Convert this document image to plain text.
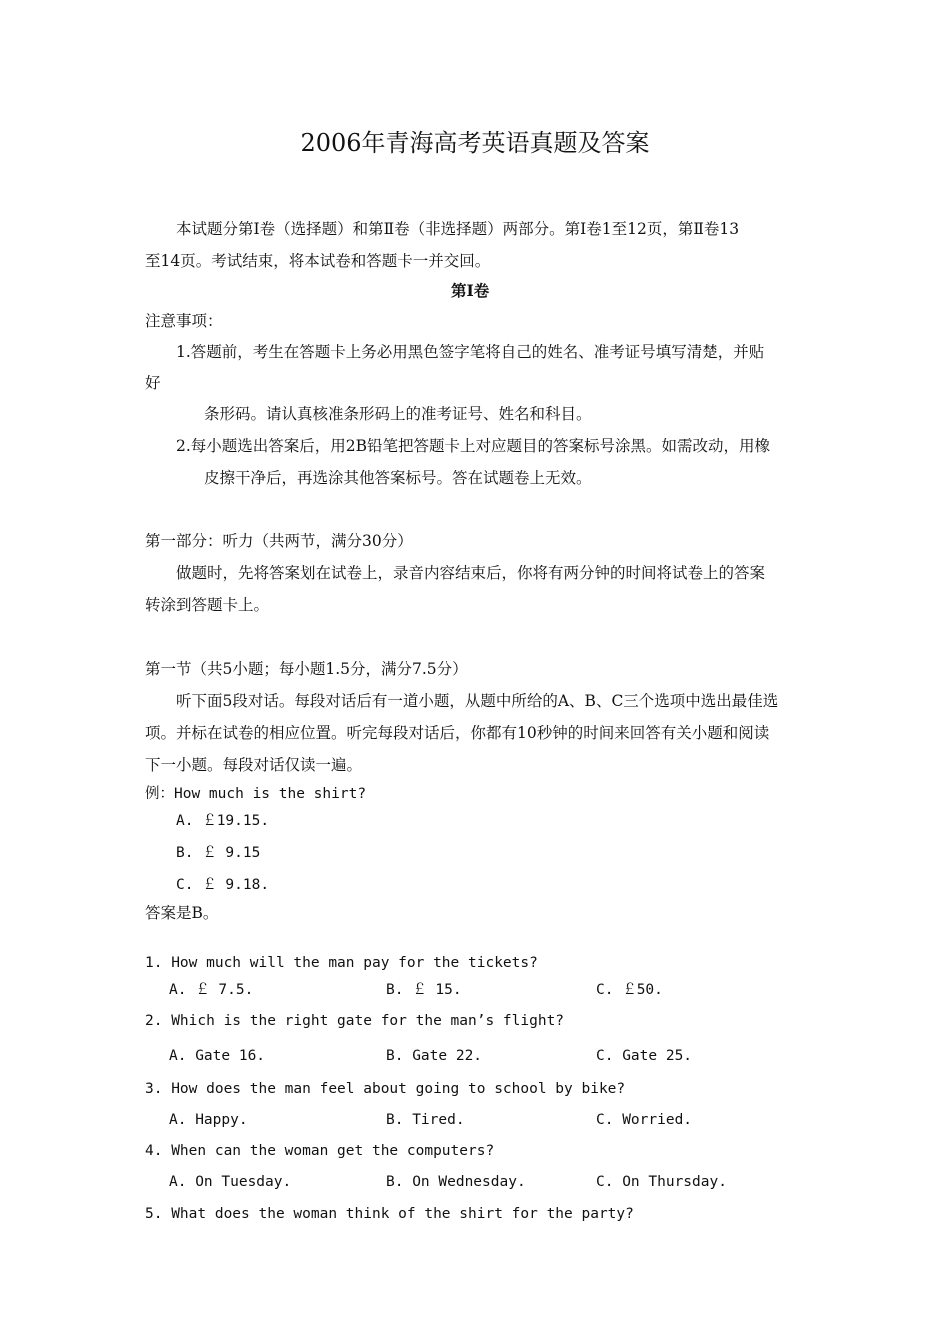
2006年青海高考英语真题及答案
本试题分第Ⅰ卷（选择题）和第Ⅱ卷（非选择题）两部分。第Ⅰ卷1至12页，第Ⅱ卷13
至14页。考试结束，将本试卷和答题卡一并交回。
第Ⅰ卷
注意事项：
1.答题前，考生在答题卡上务必用黑色签字笔将自己的姓名、准考证号填写清楚，并贴
好
条形码。请认真核准条形码上的准考证号、姓名和科目。
2.每小题选出答案后，用2B铅笔把答题卡上对应题目的答案标号涂黑。如需改动，用橡
皮擦干净后，再选涂其他答案标号。答在试题卷上无效。
第一部分：听力（共两节，满分30分）
做题时，先将答案划在试卷上，录音内容结束后，你将有两分钟的时间将试卷上的答案
转涂到答题卡上。
第一节（共5小题；每小题1.5分，满分7.5分）
听下面5段对话。每段对话后有一道小题，从题中所给的A、B、C三个选项中选出最佳选
项。并标在试卷的相应位置。听完每段对话后，你都有10秒钟的时间来回答有关小题和阅读
下一小题。每段对话仅读一遍。
例：How much is the shirt?
A. ￡19.15.
B. ￡ 9.15
C. ￡ 9.18.
答案是B。
1. How much will the man pay for the tickets?
A. ￡ 7.5.	B. ￡ 15.	C. ￡50.
2. Which is the right gate for the man’s flight?
A. Gate 16.	B. Gate 22.	C. Gate 25.
3. How does the man feel about going to school by bike?
A. Happy.	B. Tired.	C. Worried.
4. When can the woman get the computers?
A. On Tuesday.	B. On Wednesday.	C. On Thursday.
5. What does the woman think of the shirt for the party?
